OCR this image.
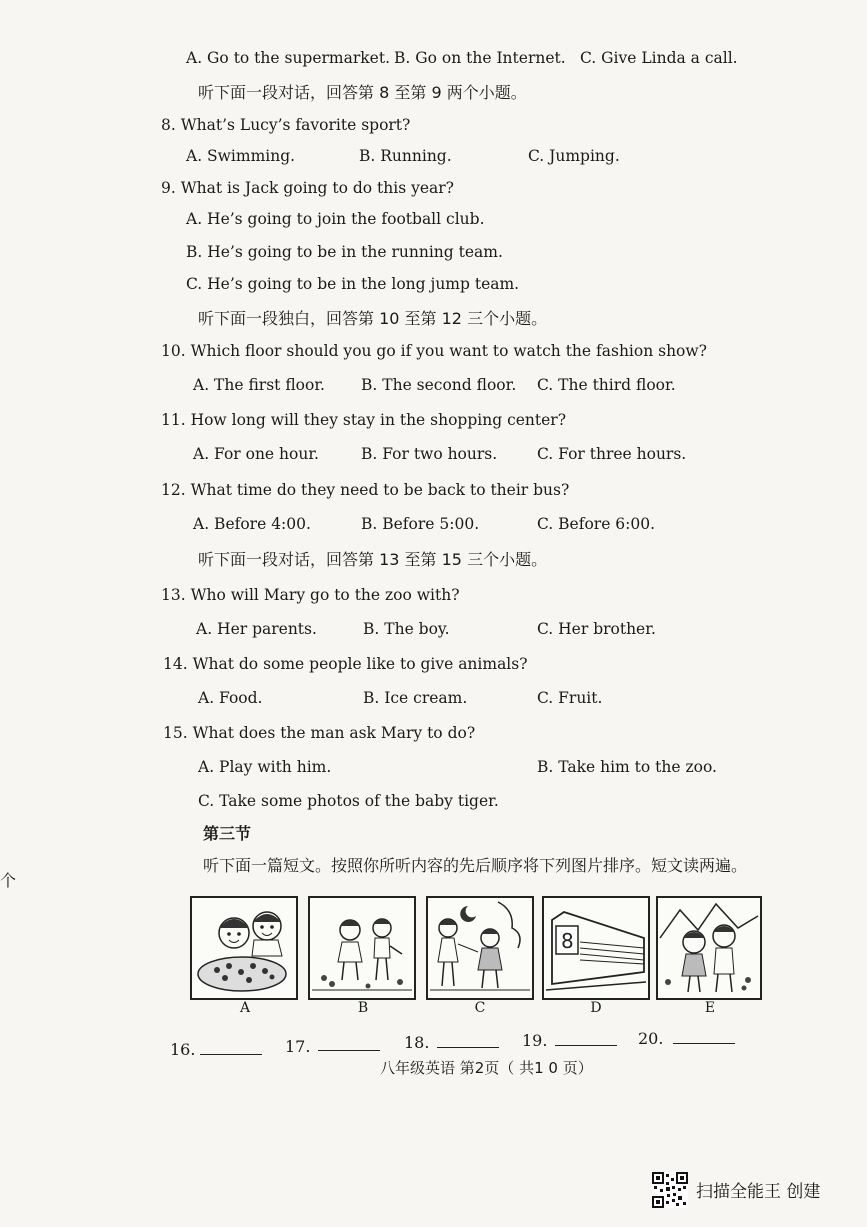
A. Go to the supermarket. B. Go on the Internet. C. Give Linda a call.
听下面一段对话，回答第 8 至第 9 两个小题。
8. What’s Lucy’s favorite sport?
A. Swimming.	B. Running.	C. Jumping.
9. What is Jack going to do this year?
A. He’s going to join the football club.
B. He’s going to be in the running team.
C. He’s going to be in the long jump team.
听下面一段独白，回答第 10 至第 12 三个小题。
10. Which floor should you go if you want to watch the fashion show?
A. The first floor. B. The second floor. C. The third floor.
11. How long will they stay in the shopping center?
A. For one hour.	B. For two hours.	C. For three hours.
12. What time do they need to be back to their bus?
A. Before 4:00.	B. Before 5:00.	C. Before 6:00.
听下面一段对话，回答第 13 至第 15 三个小题。
13. Who will Mary go to the zoo with?
A. Her parents.	B. The boy.	C. Her brother.
14. What do some people like to give animals?
A. Food.	B. Ice cream.	C. Fruit.
15. What does the man ask Mary to do?
A. Play with him.	B. Take him to the zoo.
C. Take some photos of the baby tiger.
第三节
听下面一篇短文。按照你所听内容的先后顺序将下列图片排序。短文读两遍。
个
8
A	B	C	D	E
16.	17.	18.	19.	20.
八年级英语 第2页（ 共1 0 页）
扫描全能王 创建
